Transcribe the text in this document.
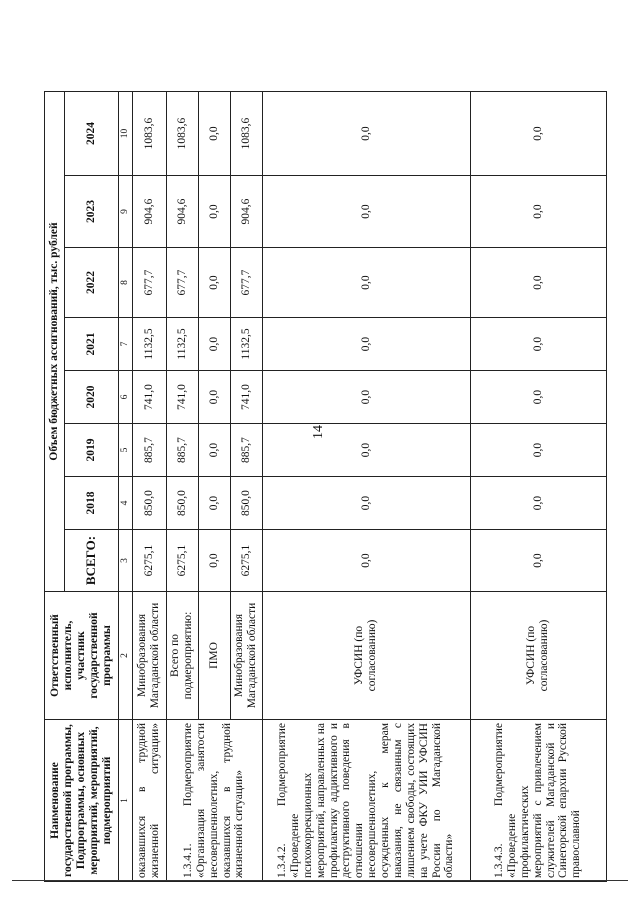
14
Наименование государственной программы, Подпрограммы, основных мероприятий, мероприятий, подмероприятий	Ответственный исполнитель, участник государственной программы	Объем бюджетных ассигнований, тыс. рублей							
		ВСЕГО:	2018	2019	2020	2021	2022	2023	2024
1	2	3	4	5	6	7	8	9	10
оказавшихся в трудной жизненной ситуации»	Минобразования Магаданской области	6275,1	850,0	885,7	741,0	1132,5	677,7	904,6	1083,6
1.3.4.1. Подмероприятие «Организация занятости несовершеннолетних, оказавшихся в трудной жизненной ситуации»	Всего по подмероприятию:	6275,1	850,0	885,7	741,0	1132,5	677,7	904,6	1083,6
	ПМО	0,0	0,0	0,0	0,0	0,0	0,0	0,0	0,0
	Минобразования Магаданской области	6275,1	850,0	885,7	741,0	1132,5	677,7	904,6	1083,6
1.3.4.2. Подмероприятие «Проведение психокоррекционных мероприятий, направленных на профилактику аддиктивного и деструктивного поведения в отношении несовершеннолетних, осужденных к мерам наказания, не связанным с лишением свободы, состоящих на учете ФКУ УИИ УФСИН России по Магаданской области»	УФСИН (по согласованию)	0,0	0,0	0,0	0,0	0,0	0,0	0,0	0,0
1.3.4.3. Подмероприятие «Проведение профилактических мероприятий с привлечением служителей Магаданской и Синегорской епархии Русской православной	УФСИН (по согласованию)	0,0	0,0	0,0	0,0	0,0	0,0	0,0	0,0
